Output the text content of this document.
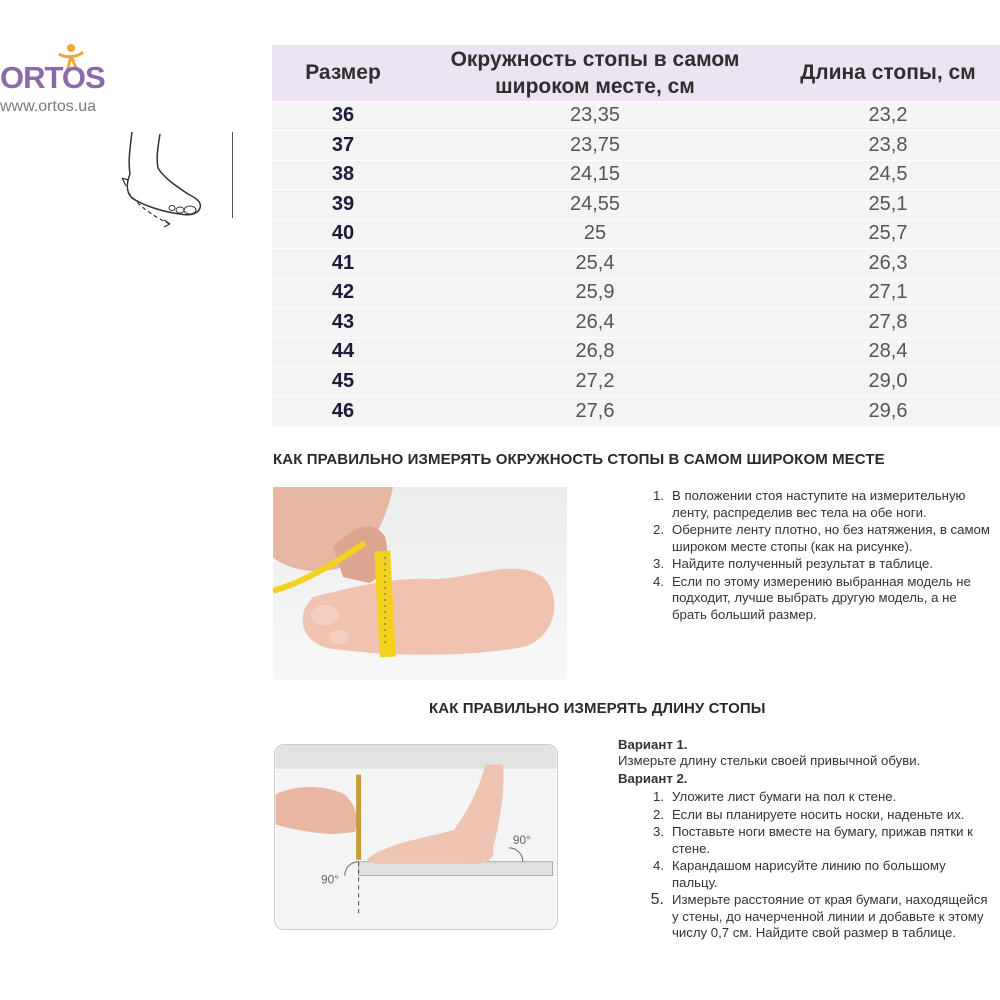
ORTOS
www.ortos.ua
Размер	Окружность стопы в самом широком месте, см	Длина стопы, см
36	23,35	23,2
37	23,75	23,8
38	24,15	24,5
39	24,55	25,1
40	25	25,7
41	25,4	26,3
42	25,9	27,1
43	26,4	27,8
44	26,8	28,4
45	27,2	29,0
46	27,6	29,6
КАК ПРАВИЛЬНО ИЗМЕРЯТЬ ОКРУЖНОСТЬ СТОПЫ В САМОМ ШИРОКОМ МЕСТЕ
1. В положении стоя наступите на измерительную ленту, распределив вес тела на обе ноги.
2. Оберните ленту плотно, но без натяжения, в самом широком месте стопы (как на рисунке).
3. Найдите полученный результат в таблице.
4. Если по этому измерению выбранная модель не подходит, лучше выбрать другую модель, а не брать больший размер.
КАК ПРАВИЛЬНО ИЗМЕРЯТЬ ДЛИНУ СТОПЫ
90°
90°
Вариант 1.
Измерьте длину стельки своей привычной обуви.
Вариант 2.
1. Уложите лист бумаги на пол к стене.
2. Если вы планируете носить носки, наденьте их.
3. Поставьте ноги вместе на бумагу, прижав пятки к стене.
4. Карандашом нарисуйте линию по большому пальцу.
5. Измерьте расстояние от края бумаги, находящейся у стены, до начерченной линии и добавьте к этому числу 0,7 см. Найдите свой размер в таблице.
